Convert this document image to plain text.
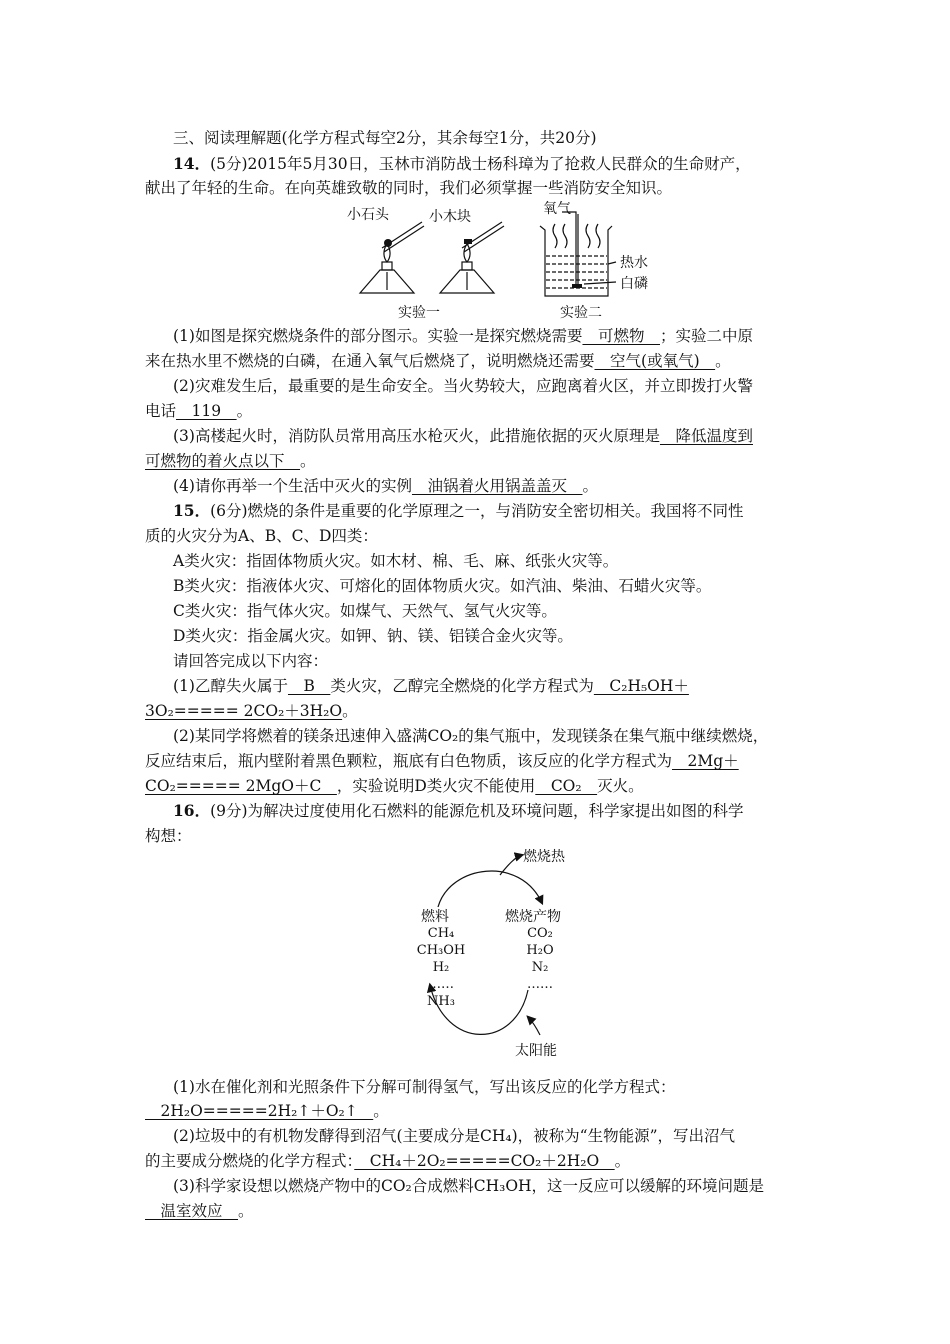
三、阅读理解题(化学方程式每空2分，其余每空1分，共20分)
14．(5分)2015年5月30日，玉林市消防战士杨科璋为了抢救人民群众的生命财产，
献出了年轻的生命。在向英雄致敬的同时，我们必须掌握一些消防安全知识。
小石头	小木块	氧气
热水
白磷
实验一	实验二
(1)如图是探究燃烧条件的部分图示。实验一是探究燃烧需要　可燃物　；实验二中原
来在热水里不燃烧的白磷，在通入氧气后燃烧了，说明燃烧还需要　空气(或氧气)　。
(2)灾难发生后，最重要的是生命安全。当火势较大，应跑离着火区，并立即拨打火警
电话　119　。
(3)高楼起火时，消防队员常用高压水枪灭火，此措施依据的灭火原理是　降低温度到
可燃物的着火点以下　。
(4)请你再举一个生活中灭火的实例　油锅着火用锅盖盖灭　。
15．(6分)燃烧的条件是重要的化学原理之一，与消防安全密切相关。我国将不同性
质的火灾分为A、B、C、D四类：
A类火灾：指固体物质火灾。如木材、棉、毛、麻、纸张火灾等。
B类火灾：指液体火灾、可熔化的固体物质火灾。如汽油、柴油、石蜡火灾等。
C类火灾：指气体火灾。如煤气、天然气、氢气火灾等。
D类火灾：指金属火灾。如钾、钠、镁、铝镁合金火灾等。
请回答完成以下内容：
(1)乙醇失火属于　B　类火灾，乙醇完全燃烧的化学方程式为　C₂H₅OH＋
3O₂===== 2CO₂＋3H₂O。
(2)某同学将燃着的镁条迅速伸入盛满CO₂的集气瓶中，发现镁条在集气瓶中继续燃烧，
反应结束后，瓶内壁附着黑色颗粒，瓶底有白色物质，该反应的化学方程式为　2Mg＋
CO₂===== 2MgO＋C　，实验说明D类火灾不能使用　CO₂　灭火。
16．(9分)为解决过度使用化石燃料的能源危机及环境问题，科学家提出如图的科学
构想：
燃烧热
燃料	燃烧产物
CH₄
CH₃OH
H₂
……
NH₃
CO₂
H₂O
N₂
……
太阳能
(1)水在催化剂和光照条件下分解可制得氢气，写出该反应的化学方程式：
　2H₂O=====2H₂↑＋O₂↑　。
(2)垃圾中的有机物发酵得到沼气(主要成分是CH₄)，被称为“生物能源”，写出沼气
的主要成分燃烧的化学方程式：　CH₄＋2O₂=====CO₂＋2H₂O　。
(3)科学家设想以燃烧产物中的CO₂合成燃料CH₃OH，这一反应可以缓解的环境问题是
　温室效应　。
